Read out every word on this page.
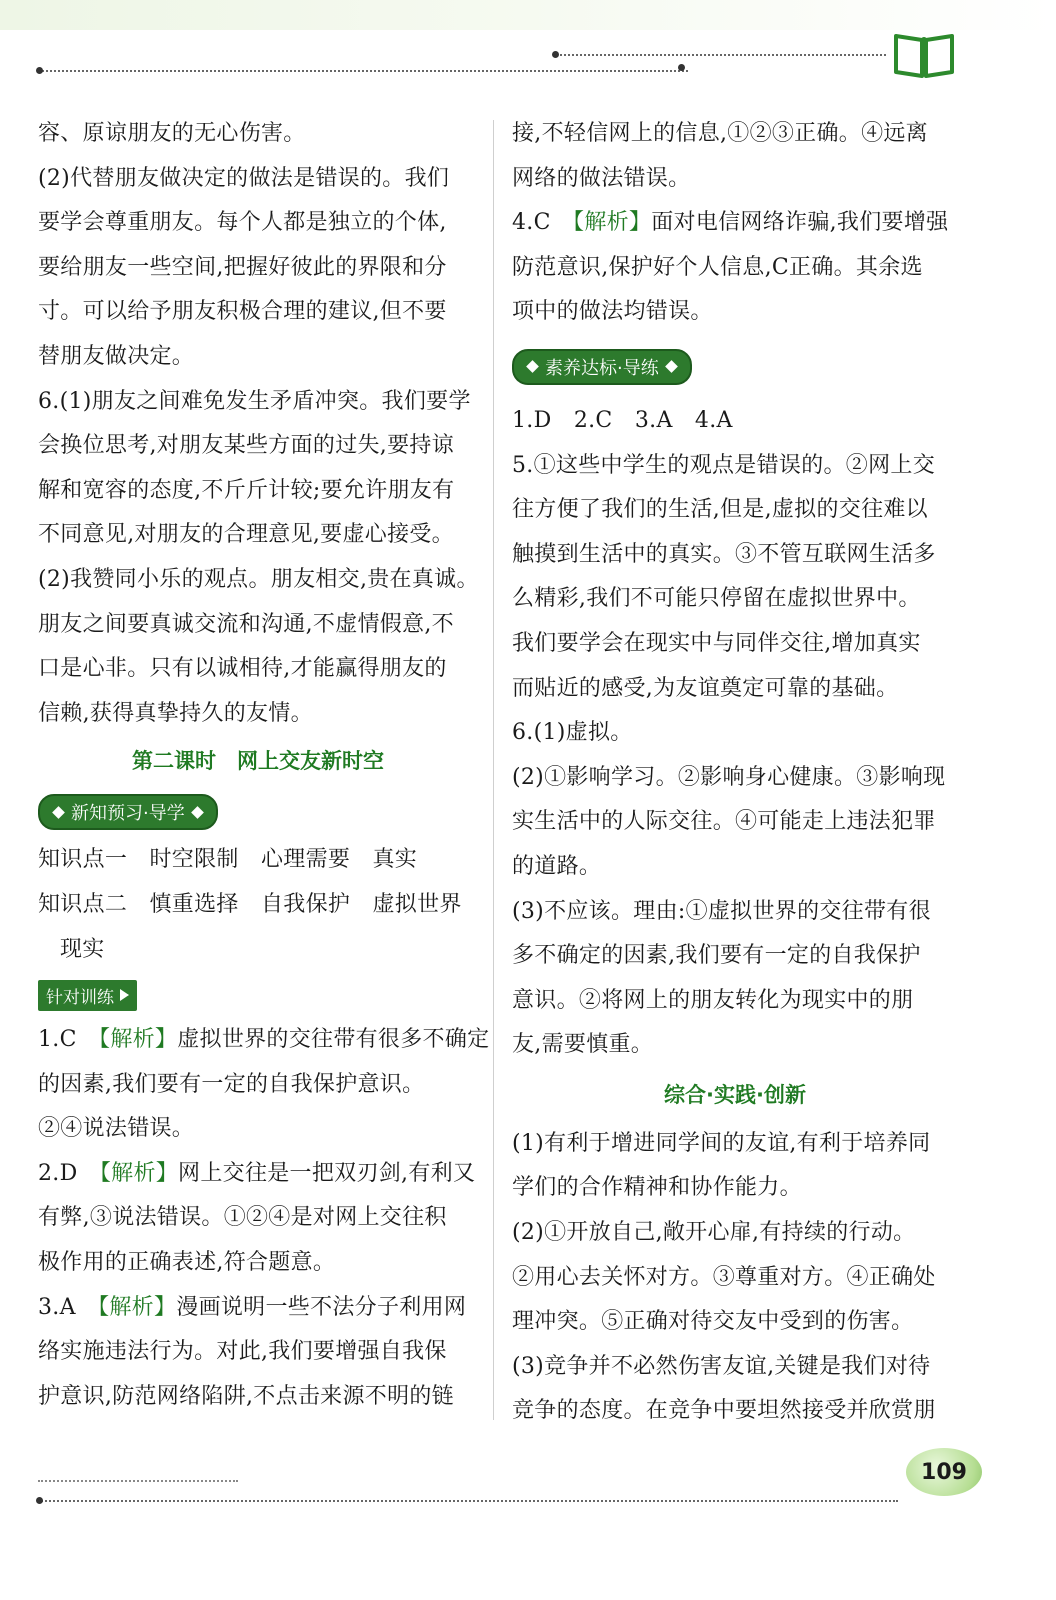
容、原谅朋友的无心伤害。
(2)代替朋友做决定的做法是错误的。我们
要学会尊重朋友。每个人都是独立的个体,
要给朋友一些空间,把握好彼此的界限和分
寸。可以给予朋友积极合理的建议,但不要
替朋友做决定。
6.(1)朋友之间难免发生矛盾冲突。我们要学
会换位思考,对朋友某些方面的过失,要持谅
解和宽容的态度,不斤斤计较;要允许朋友有
不同意见,对朋友的合理意见,要虚心接受。
(2)我赞同小乐的观点。朋友相交,贵在真诚。
朋友之间要真诚交流和沟通,不虚情假意,不
口是心非。只有以诚相待,才能赢得朋友的
信赖,获得真挚持久的友情。
第二课时　网上交友新时空
新知预习·导学
知识点一　时空限制　心理需要　真实
知识点二　慎重选择　自我保护　虚拟世界
现实
针对训练
1.C　【解析】虚拟世界的交往带有很多不确定
的因素,我们要有一定的自我保护意识。
②④说法错误。
2.D　【解析】网上交往是一把双刃剑,有利又
有弊,③说法错误。①②④是对网上交往积
极作用的正确表述,符合题意。
3.A　【解析】漫画说明一些不法分子利用网
络实施违法行为。对此,我们要增强自我保
护意识,防范网络陷阱,不点击来源不明的链
接,不轻信网上的信息,①②③正确。④远离
网络的做法错误。
4.C　【解析】面对电信网络诈骗,我们要增强
防范意识,保护好个人信息,C正确。其余选
项中的做法均错误。
素养达标·导练
1.D　2.C　3.A　4.A
5.①这些中学生的观点是错误的。②网上交
往方便了我们的生活,但是,虚拟的交往难以
触摸到生活中的真实。③不管互联网生活多
么精彩,我们不可能只停留在虚拟世界中。
我们要学会在现实中与同伴交往,增加真实
而贴近的感受,为友谊奠定可靠的基础。
6.(1)虚拟。
(2)①影响学习。②影响身心健康。③影响现
实生活中的人际交往。④可能走上违法犯罪
的道路。
(3)不应该。理由:①虚拟世界的交往带有很
多不确定的因素,我们要有一定的自我保护
意识。②将网上的朋友转化为现实中的朋
友,需要慎重。
综合·实践·创新
(1)有利于增进同学间的友谊,有利于培养同
学们的合作精神和协作能力。
(2)①开放自己,敞开心扉,有持续的行动。
②用心去关怀对方。③尊重对方。④正确处
理冲突。⑤正确对待交友中受到的伤害。
(3)竞争并不必然伤害友谊,关键是我们对待
竞争的态度。在竞争中要坦然接受并欣赏朋
109
